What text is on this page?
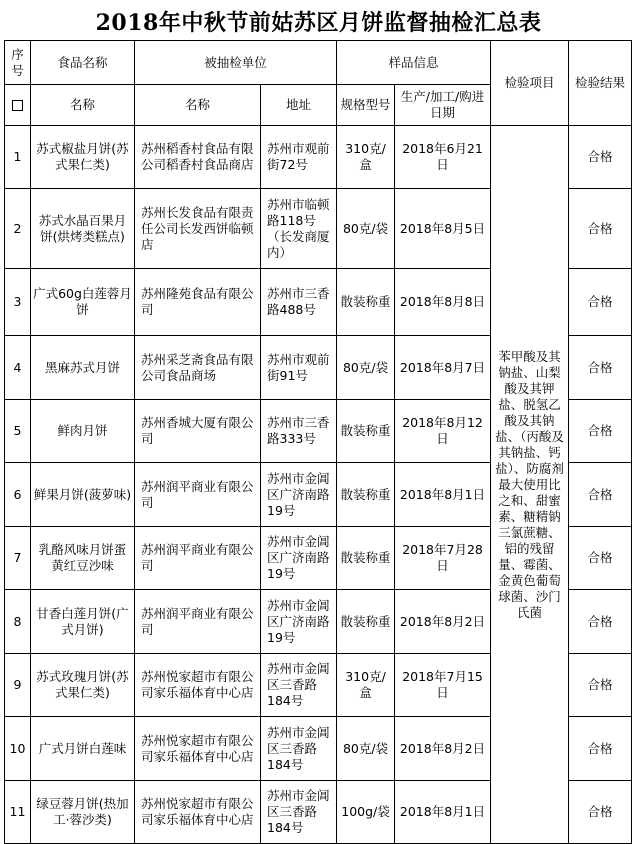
2018年中秋节前姑苏区月饼监督抽检汇总表
序号	食品名称	被抽检单位		样品信息		检验项目	检验结果
	名称	名称	地址	规格型号	生产/加工/购进日期		
1	苏式椒盐月饼(苏式果仁类)	苏州稻香村食品有限公司稻香村食品商店	苏州市观前街72号	310克/盒	2018年6月21日	苯甲酸及其钠盐、山梨酸及其钾盐、脱氢乙酸及其钠盐、（丙酸及其钠盐、钙盐）、防腐剂最大使用比之和、甜蜜素、糖精钠三氯蔗糖、铝的残留量、霉菌、金黄色葡萄球菌、沙门氏菌	合格
2	苏式水晶百果月饼(烘烤类糕点)	苏州长发食品有限责任公司长发西饼临顿店	苏州市临顿路118号（长发商厦内）	80克/袋	2018年8月5日		合格
3	广式60g白莲蓉月饼	苏州隆苑食品有限公司	苏州市三香路488号	散装称重	2018年8月8日		合格
4	黑麻苏式月饼	苏州采芝斋食品有限公司食品商场	苏州市观前街91号	80克/袋	2018年8月7日		合格
5	鲜肉月饼	苏州香城大厦有限公司	苏州市三香路333号	散装称重	2018年8月12日		合格
6	鲜果月饼(菠萝味)	苏州润平商业有限公司	苏州市金阊区广济南路19号	散装称重	2018年8月1日		合格
7	乳酪风味月饼蛋黄红豆沙味	苏州润平商业有限公司	苏州市金阊区广济南路19号	散装称重	2018年7月28日		合格
8	甘香白莲月饼(广式月饼)	苏州润平商业有限公司	苏州市金阊区广济南路19号	散装称重	2018年8月2日		合格
9	苏式玫瑰月饼(苏式果仁类)	苏州悦家超市有限公司家乐福体育中心店	苏州市金阊区三香路184号	310克/盒	2018年7月15日		合格
10	广式月饼白莲味	苏州悦家超市有限公司家乐福体育中心店	苏州市金阊区三香路184号	80克/袋	2018年8月2日		合格
11	绿豆蓉月饼(热加工·蓉沙类)	苏州悦家超市有限公司家乐福体育中心店	苏州市金阊区三香路184号	100g/袋	2018年8月1日		合格
